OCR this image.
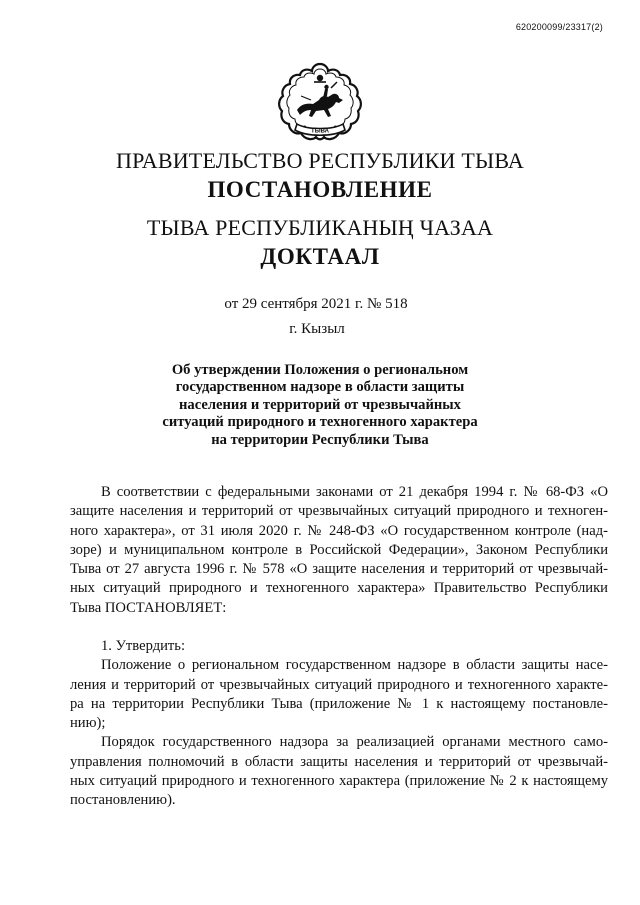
620200099/23317(2)
ТЫВА
ПРАВИТЕЛЬСТВО РЕСПУБЛИКИ ТЫВА
ПОСТАНОВЛЕНИЕ
ТЫВА РЕСПУБЛИКАНЫҢ ЧАЗАА
ДОКТААЛ
от 29 сентября 2021 г. № 518
г. Кызыл
Об утверждении Положения о региональном
государственном надзоре в области защиты
населения и территорий от чрезвычайных
ситуаций природного и техногенного характера
на территории Республики Тыва
В соответствии с федеральными законами от 21 декабря 1994 г. № 68-ФЗ «О
защите населения и территорий от чрезвычайных ситуаций природного и техноген-
ного характера», от 31 июля 2020 г. № 248-ФЗ «О государственном контроле (над-
зоре) и муниципальном контроле в Российской Федерации», Законом Республики
Тыва от 27 августа 1996 г. № 578 «О защите населения и территорий от чрезвычай-
ных ситуаций природного и техногенного характера» Правительство Республики
Тыва ПОСТАНОВЛЯЕТ:
1. Утвердить:
Положение о региональном государственном надзоре в области защиты насе-
ления и территорий от чрезвычайных ситуаций природного и техногенного характе-
ра на территории Республики Тыва (приложение № 1 к настоящему постановле-
нию);
Порядок государственного надзора за реализацией органами местного само-
управления полномочий в области защиты населения и территорий от чрезвычай-
ных ситуаций природного и техногенного характера (приложение № 2 к настоящему
постановлению).
